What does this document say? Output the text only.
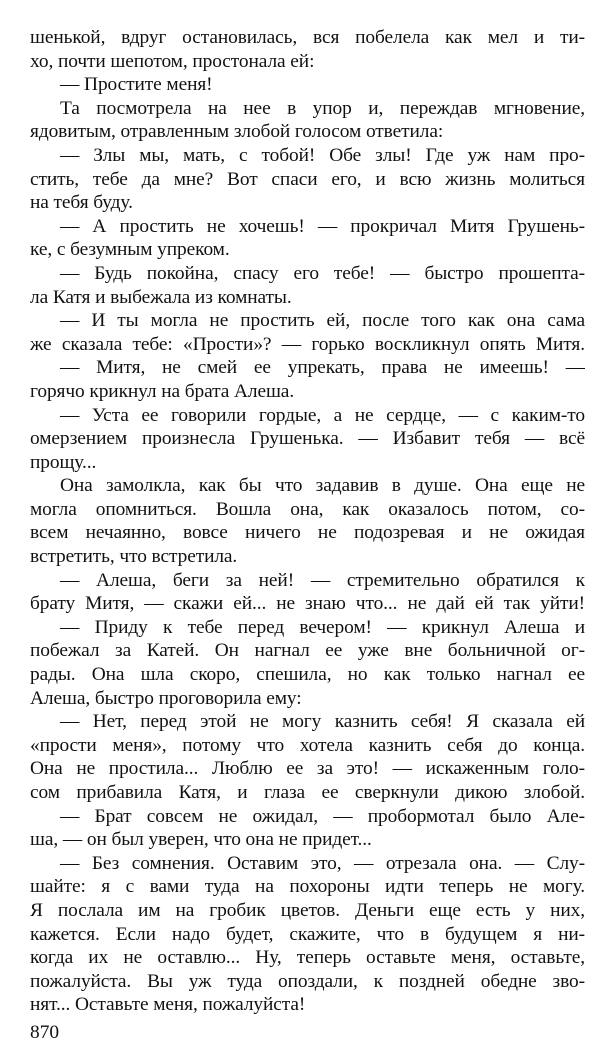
шенькой, вдруг остановилась, вся побелела как мел и ти-
хо, почти шепотом, простонала ей:
— Простите меня!
Та посмотрела на нее в упор и, переждав мгновение,
ядовитым, отравленным злобой голосом ответила:
— Злы мы, мать, с тобой! Обе злы! Где уж нам про-
стить, тебе да мне? Вот спаси его, и всю жизнь молиться
на тебя буду.
— А простить не хочешь! — прокричал Митя Грушень-
ке, с безумным упреком.
— Будь покойна, спасу его тебе! — быстро прошепта-
ла Катя и выбежала из комнаты.
— И ты могла не простить ей, после того как она сама
же сказала тебе: «Прости»? — горько воскликнул опять Митя.
— Митя, не смей ее упрекать, права не имеешь! —
горячо крикнул на брата Алеша.
— Уста ее говорили гордые, а не сердце, — с каким-то
омерзением произнесла Грушенька. — Избавит тебя — всё
прощу...
Она замолкла, как бы что задавив в душе. Она еще не
могла опомниться. Вошла она, как оказалось потом, со-
всем нечаянно, вовсе ничего не подозревая и не ожидая
встретить, что встретила.
— Алеша, беги за ней! — стремительно обратился к
брату Митя, — скажи ей... не знаю что... не дай ей так уйти!
— Приду к тебе перед вечером! — крикнул Алеша и
побежал за Катей. Он нагнал ее уже вне больничной ог-
рады. Она шла скоро, спешила, но как только нагнал ее
Алеша, быстро проговорила ему:
— Нет, перед этой не могу казнить себя! Я сказала ей
«прости меня», потому что хотела казнить себя до конца.
Она не простила... Люблю ее за это! — искаженным голо-
сом прибавила Катя, и глаза ее сверкнули дикою злобой.
— Брат совсем не ожидал, — пробормотал было Але-
ша, — он был уверен, что она не придет...
— Без сомнения. Оставим это, — отрезала она. — Слу-
шайте: я с вами туда на похороны идти теперь не могу.
Я послала им на гробик цветов. Деньги еще есть у них,
кажется. Если надо будет, скажите, что в будущем я ни-
когда их не оставлю... Ну, теперь оставьте меня, оставьте,
пожалуйста. Вы уж туда опоздали, к поздней обедне зво-
нят... Оставьте меня, пожалуйста!
870
